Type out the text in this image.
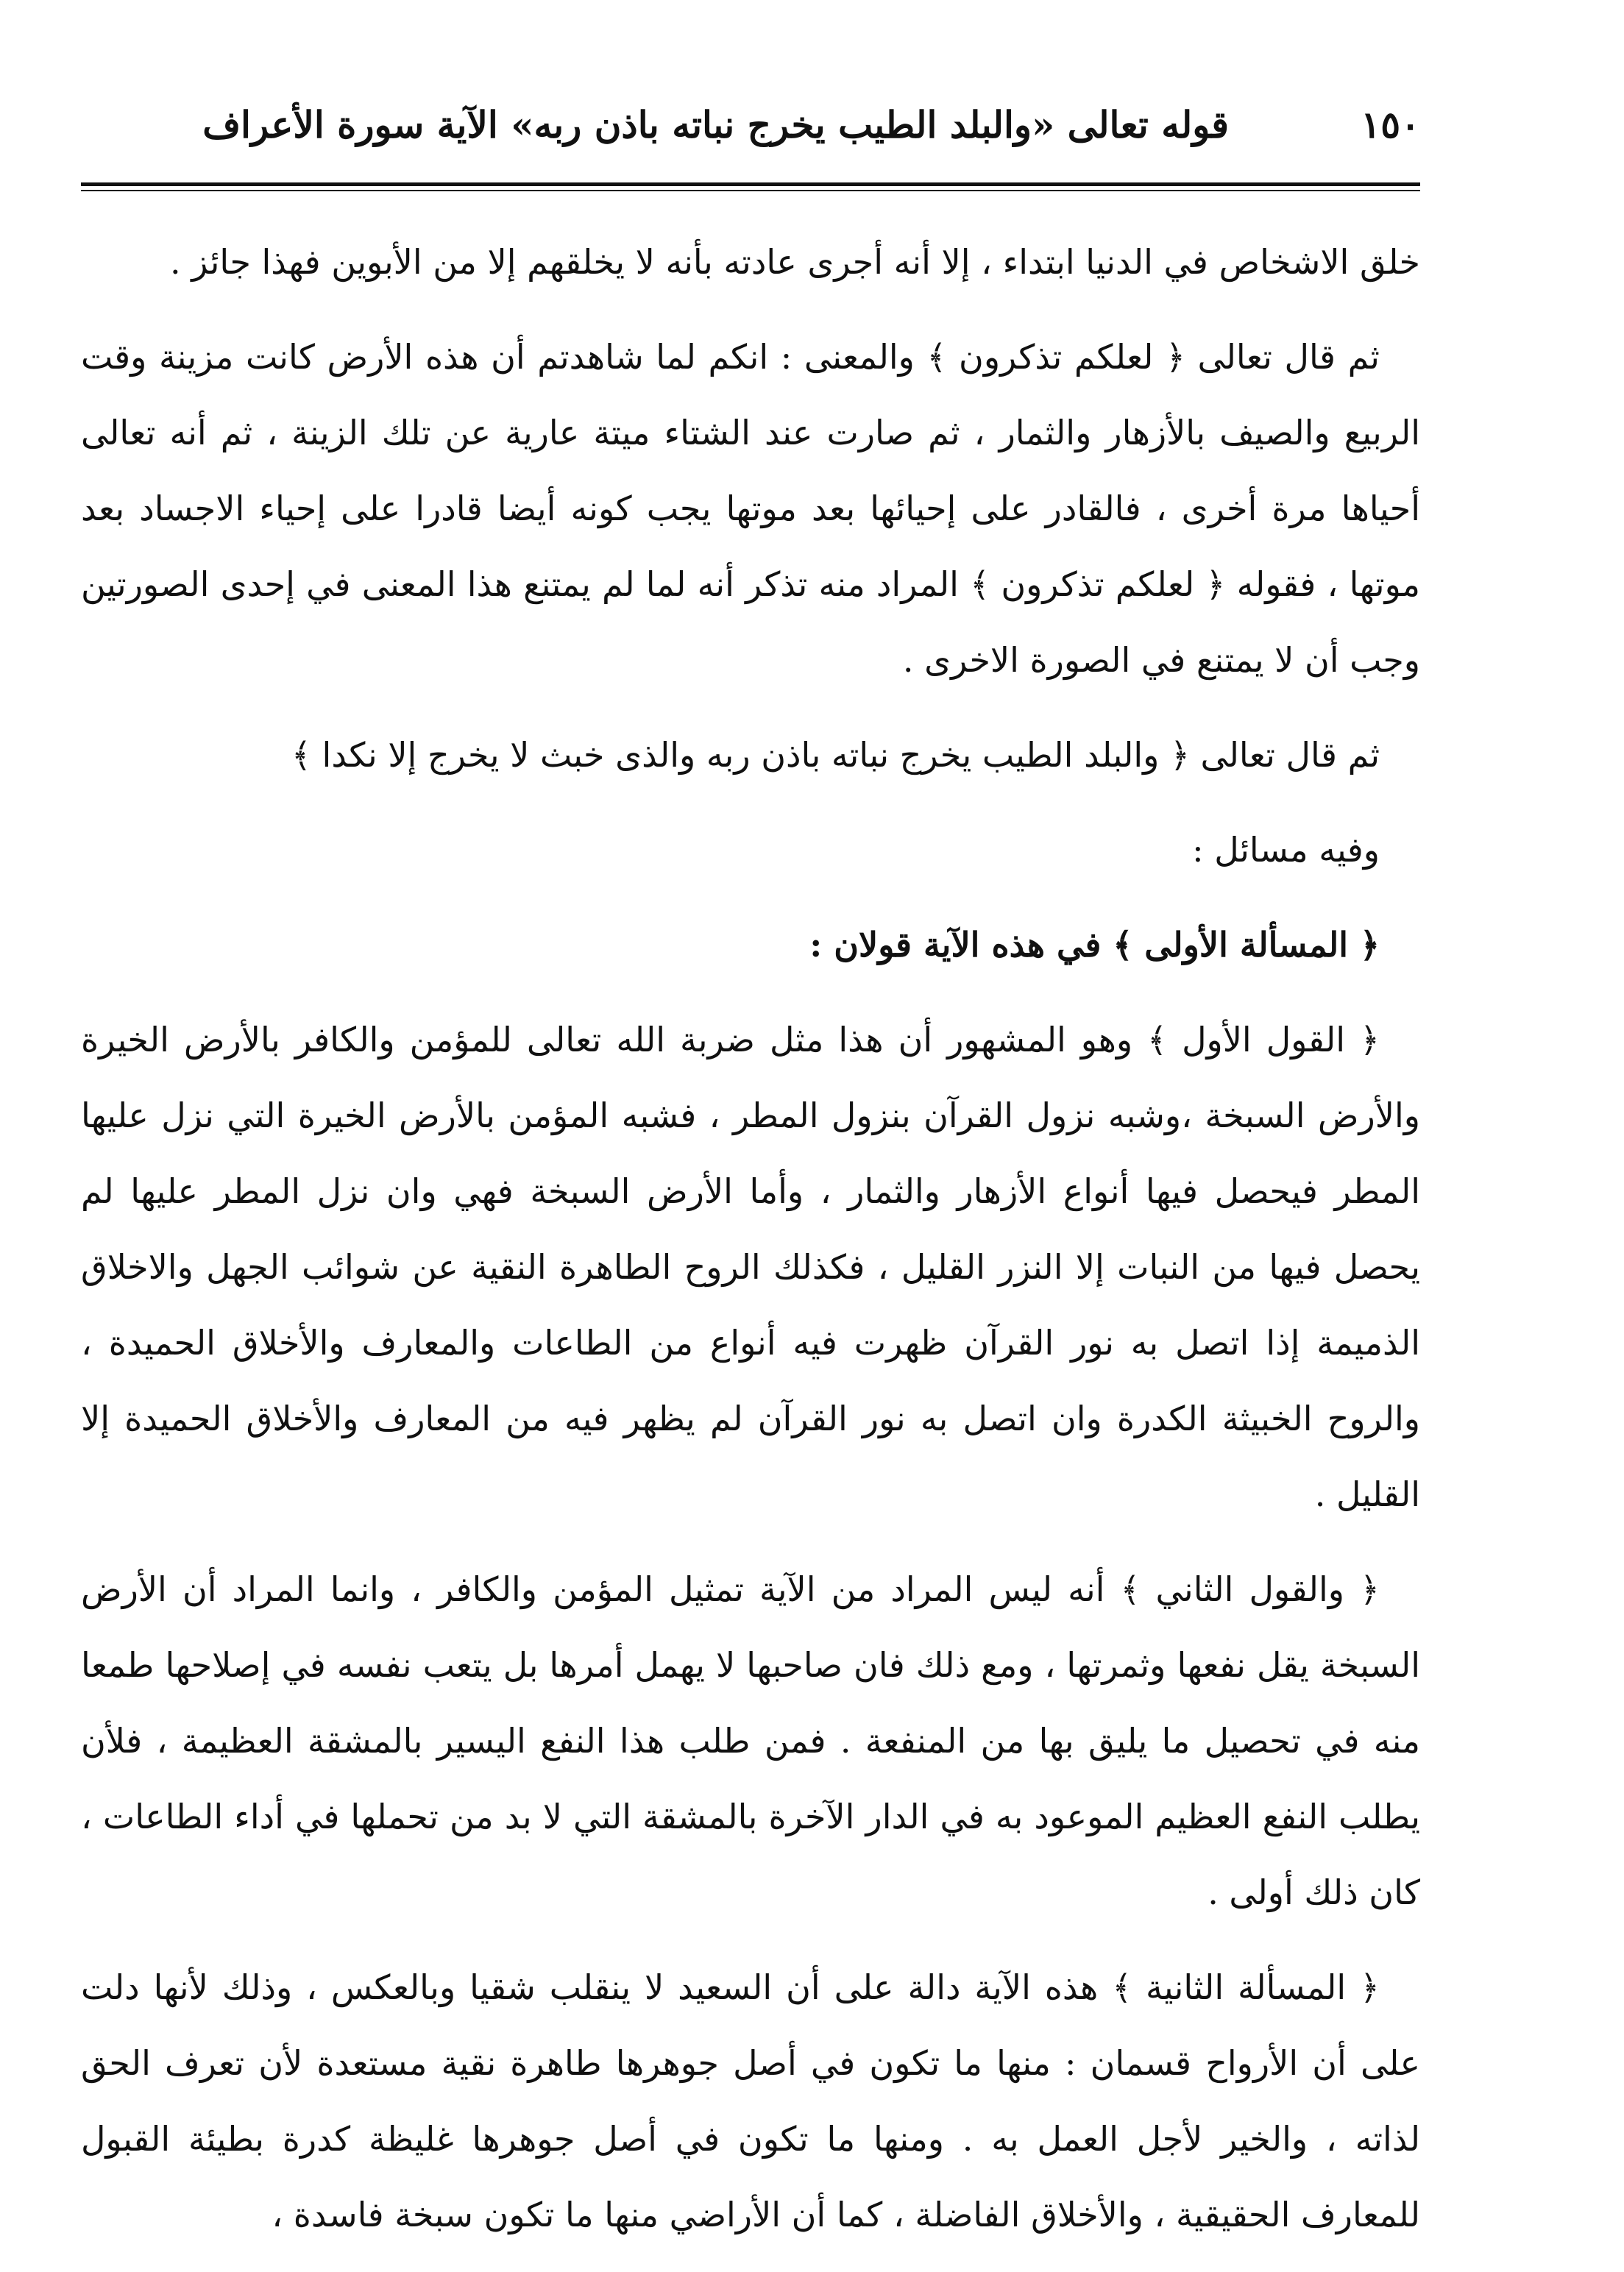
١٥٠
قوله تعالى «والبلد الطيب يخرج نباته باذن ربه» الآية سورة الأعراف

خلق الاشخاص في الدنيا ابتداء ، إلا أنه أجرى عادته بأنه لا يخلقهم إلا من الأبوين فهذا جائز .

ثم قال تعالى ﴿ لعلكم تذكرون ﴾ والمعنى : انكم لما شاهدتم أن هذه الأرض كانت مزينة وقت الربيع والصيف بالأزهار والثمار ، ثم صارت عند الشتاء ميتة عارية عن تلك الزينة ، ثم أنه تعالى أحياها مرة أخرى ، فالقادر على إحيائها بعد موتها يجب كونه أيضا قادرا على إحياء الاجساد بعد موتها ، فقوله ﴿ لعلكم تذكرون ﴾ المراد منه تذكر أنه لما لم يمتنع هذا المعنى في إحدى الصورتين وجب أن لا يمتنع في الصورة الاخرى .

ثم قال تعالى ﴿ والبلد الطيب يخرج نباته باذن ربه والذى خبث لا يخرج إلا نكدا ﴾

وفيه مسائل :

﴿ المسألة الأولى ﴾ في هذه الآية قولان :

﴿ القول الأول ﴾ وهو المشهور أن هذا مثل ضربة الله تعالى للمؤمن والكافر بالأرض الخيرة والأرض السبخة ،وشبه نزول القرآن بنزول المطر ، فشبه المؤمن بالأرض الخيرة التي نزل عليها المطر فيحصل فيها أنواع الأزهار والثمار ، وأما الأرض السبخة فهي وان نزل المطر عليها لم يحصل فيها من النبات إلا النزر القليل ، فكذلك الروح الطاهرة النقية عن شوائب الجهل والاخلاق الذميمة إذا اتصل به نور القرآن ظهرت فيه أنواع من الطاعات والمعارف والأخلاق الحميدة ، والروح الخبيثة الكدرة وان اتصل به نور القرآن لم يظهر فيه من المعارف والأخلاق الحميدة إلا القليل .

﴿ والقول الثاني ﴾ أنه ليس المراد من الآية تمثيل المؤمن والكافر ، وانما المراد أن الأرض السبخة يقل نفعها وثمرتها ، ومع ذلك فان صاحبها لا يهمل أمرها بل يتعب نفسه في إصلاحها طمعا منه في تحصيل ما يليق بها من المنفعة . فمن طلب هذا النفع اليسير بالمشقة العظيمة ، فلأن يطلب النفع العظيم الموعود به في الدار الآخرة بالمشقة التي لا بد من تحملها في أداء الطاعات ، كان ذلك أولى .

﴿ المسألة الثانية ﴾ هذه الآية دالة على أن السعيد لا ينقلب شقيا وبالعكس ، وذلك لأنها دلت على أن الأرواح قسمان : منها ما تكون في أصل جوهرها طاهرة نقية مستعدة لأن تعرف الحق لذاته ، والخير لأجل العمل به . ومنها ما تكون في أصل جوهرها غليظة كدرة بطيئة القبول للمعارف الحقيقية ، والأخلاق الفاضلة ، كما أن الأراضي منها ما تكون سبخة فاسدة ،
